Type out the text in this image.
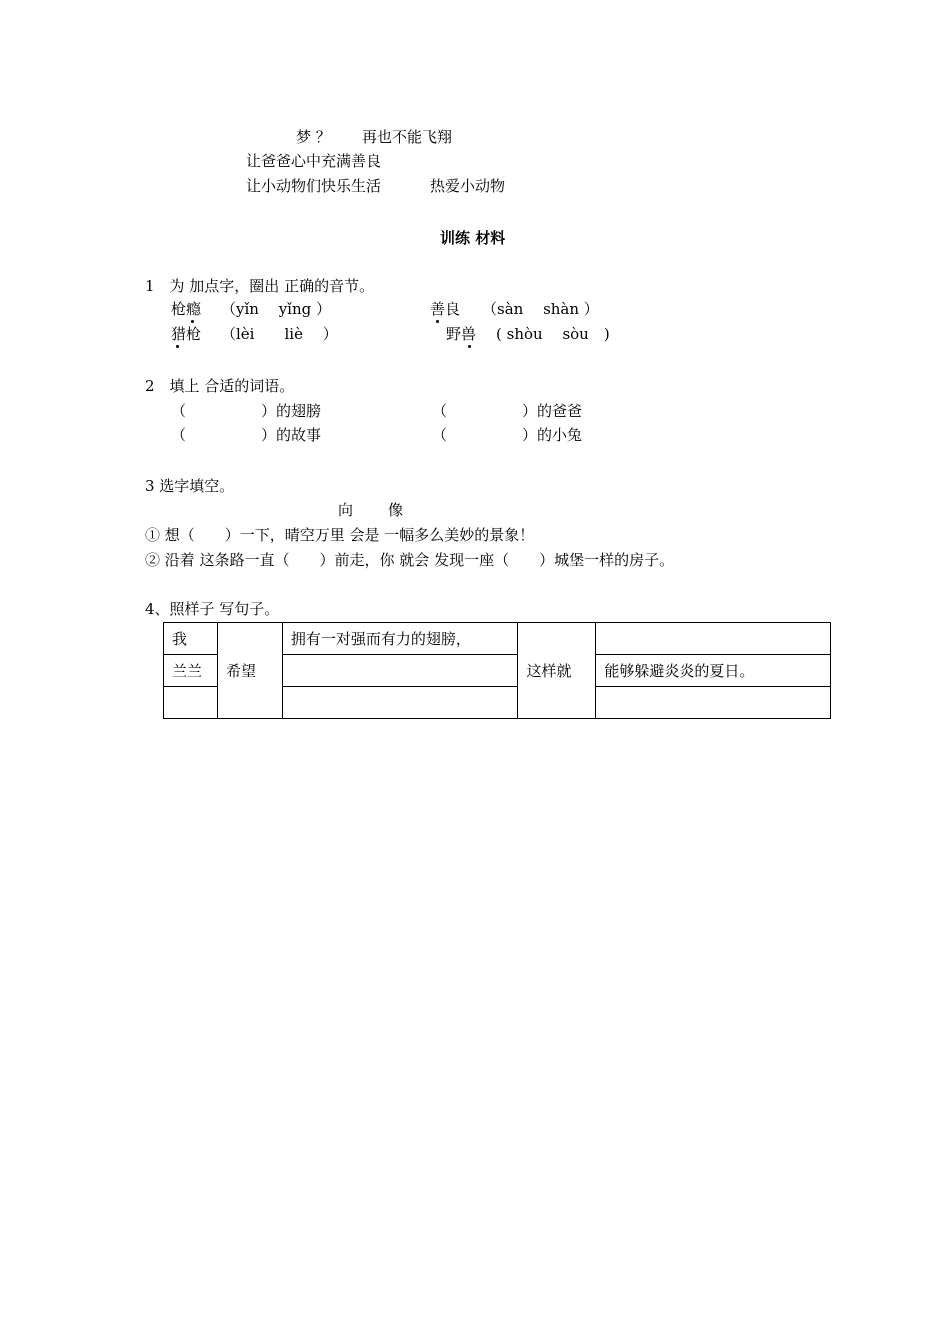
梦 ？ 再也不能飞翔
让爸爸心中充满善良
让小动物们快乐生活	热爱小动物
训练 材料
1　为 加点字，圈出 正确的音节。
枪瘾 （yǐn　 yǐng ）	善良 （sàn　 shàn ）
猎枪 （lèi　　liè　 ）	野兽 ( shòu　 sòu　)
2　填上 合适的词语。
（　　　　　）的翅膀	（　　　　　）的爸爸
（　　　　　）的故事	（　　　　　）的小兔
3 选字填空。
向 像
① 想（　　）一下，晴空万里 会是 一幅多么美妙的景象！
② 沿着 这条路一直（　　）前走，你 就会 发现一座（　　）城堡一样的房子。
4、照样子 写句子。
我	希望	拥有一对强而有力的翅膀，	这样就	
兰兰				能够躲避炎炎的夏日。
